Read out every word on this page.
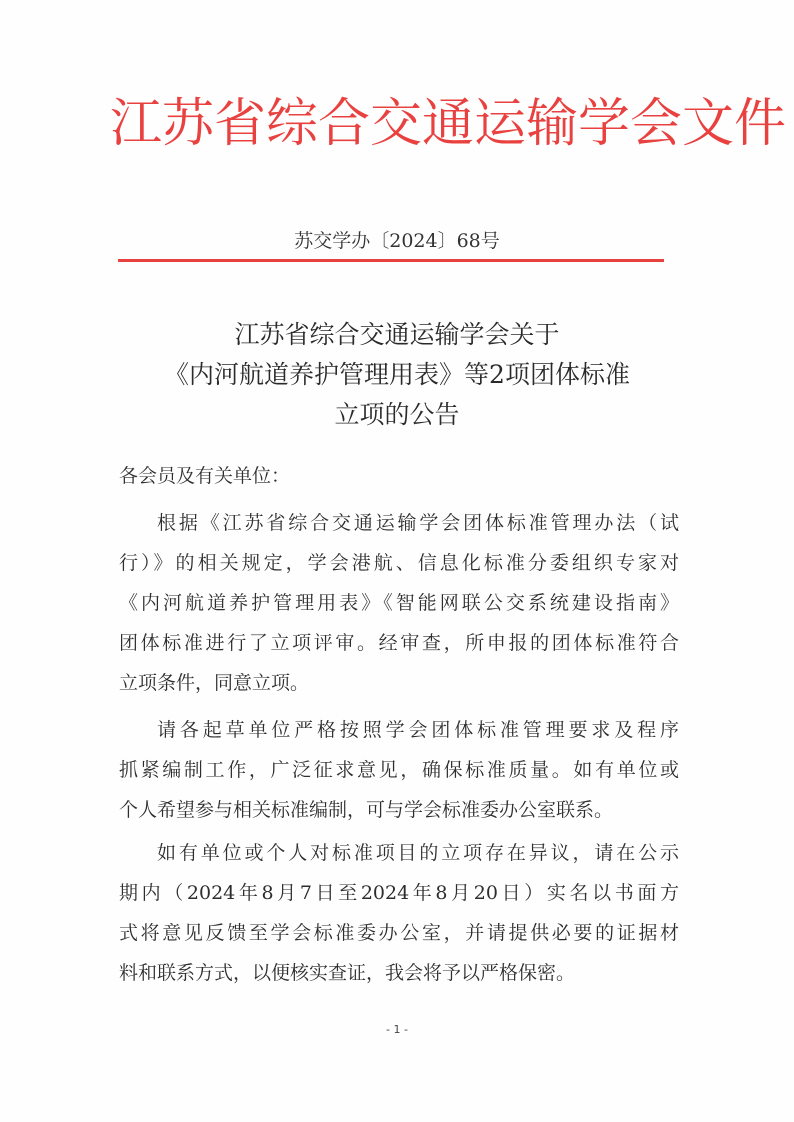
江苏省综合交通运输学会文件
苏交学办〔2024〕68号
江苏省综合交通运输学会关于
《内河航道养护管理用表》等2项团体标准
立项的公告
各会员及有关单位：
根据《江苏省综合交通运输学会团体标准管理办法（试
行）》的相关规定，学会港航、信息化标准分委组织专家对
《内河航道养护管理用表》《智能网联公交系统建设指南》
团体标准进行了立项评审。经审查，所申报的团体标准符合
立项条件，同意立项。
请各起草单位严格按照学会团体标准管理要求及程序
抓紧编制工作，广泛征求意见，确保标准质量。如有单位或
个人希望参与相关标准编制，可与学会标准委办公室联系。
如有单位或个人对标准项目的立项存在异议，请在公示
期内（2024年8月7日至2024年8月20日）实名以书面方
式将意见反馈至学会标准委办公室，并请提供必要的证据材
料和联系方式，以便核实查证，我会将予以严格保密。
- 1 -
